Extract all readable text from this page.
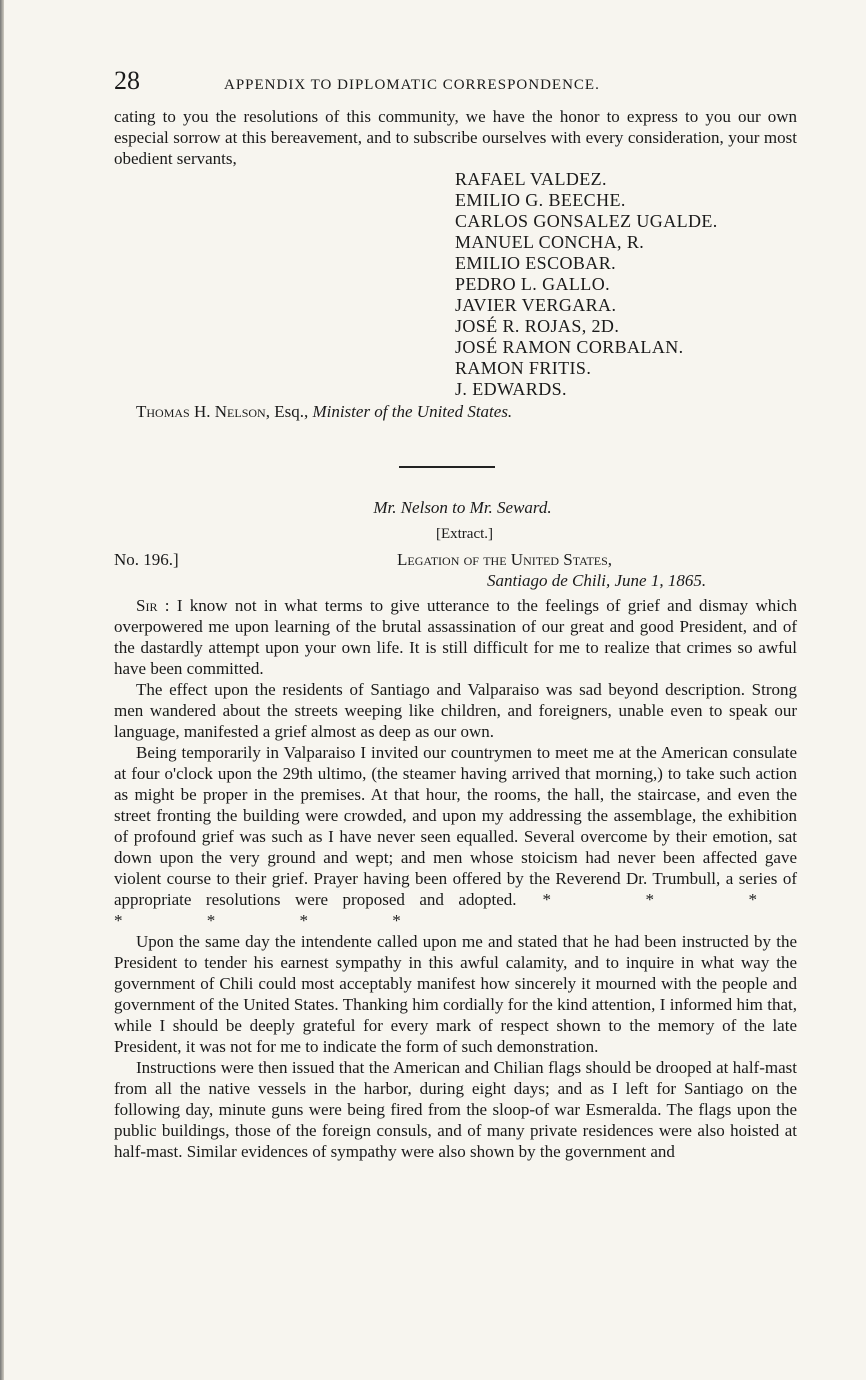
28	APPENDIX TO DIPLOMATIC CORRESPONDENCE.

cating to you the resolutions of this community, we have the honor to express to you our own especial sorrow at this bereavement, and to subscribe ourselves with every consideration, your most obedient servants,

RAFAEL VALDEZ.
EMILIO G. BEECHE.
CARLOS GONSALEZ UGALDE.
MANUEL CONCHA, R.
EMILIO ESCOBAR.
PEDRO L. GALLO.
JAVIER VERGARA.
JOSÉ R. ROJAS, 2D.
JOSÉ RAMON CORBALAN.
RAMON FRITIS.
J. EDWARDS.
Thomas H. Nelson, Esq., Minister of the United States.
Mr. Nelson to Mr. Seward.
[Extract.]
No. 196.]	Legation of the United States,
Santiago de Chili, June 1, 1865.

Sir : I know not in what terms to give utterance to the feelings of grief and dismay which overpowered me upon learning of the brutal assassination of our great and good President, and of the dastardly attempt upon your own life. It is still difficult for me to realize that crimes so awful have been committed.

The effect upon the residents of Santiago and Valparaiso was sad beyond description. Strong men wandered about the streets weeping like children, and foreigners, unable even to speak our language, manifested a grief almost as deep as our own.

Being temporarily in Valparaiso I invited our countrymen to meet me at the American consulate at four o'clock upon the 29th ultimo, (the steamer having arrived that morning,) to take such action as might be proper in the premises. At that hour, the rooms, the hall, the staircase, and even the street fronting the building were crowded, and upon my addressing the assemblage, the exhibition of profound grief was such as I have never seen equalled. Several overcome by their emotion, sat down upon the very ground and wept; and men whose stoicism had never been affected gave violent course to their grief. Prayer having been offered by the Reverend Dr. Trumbull, a series of appropriate resolutions were proposed and adopted. * * * * * * *

Upon the same day the intendente called upon me and stated that he had been instructed by the President to tender his earnest sympathy in this awful calamity, and to inquire in what way the government of Chili could most acceptably manifest how sincerely it mourned with the people and government of the United States. Thanking him cordially for the kind attention, I informed him that, while I should be deeply grateful for every mark of respect shown to the memory of the late President, it was not for me to indicate the form of such demonstration.

Instructions were then issued that the American and Chilian flags should be drooped at half-mast from all the native vessels in the harbor, during eight days; and as I left for Santiago on the following day, minute guns were being fired from the sloop-of war Esmeralda. The flags upon the public buildings, those of the foreign consuls, and of many private residences were also hoisted at half-mast. Similar evidences of sympathy were also shown by the government and
